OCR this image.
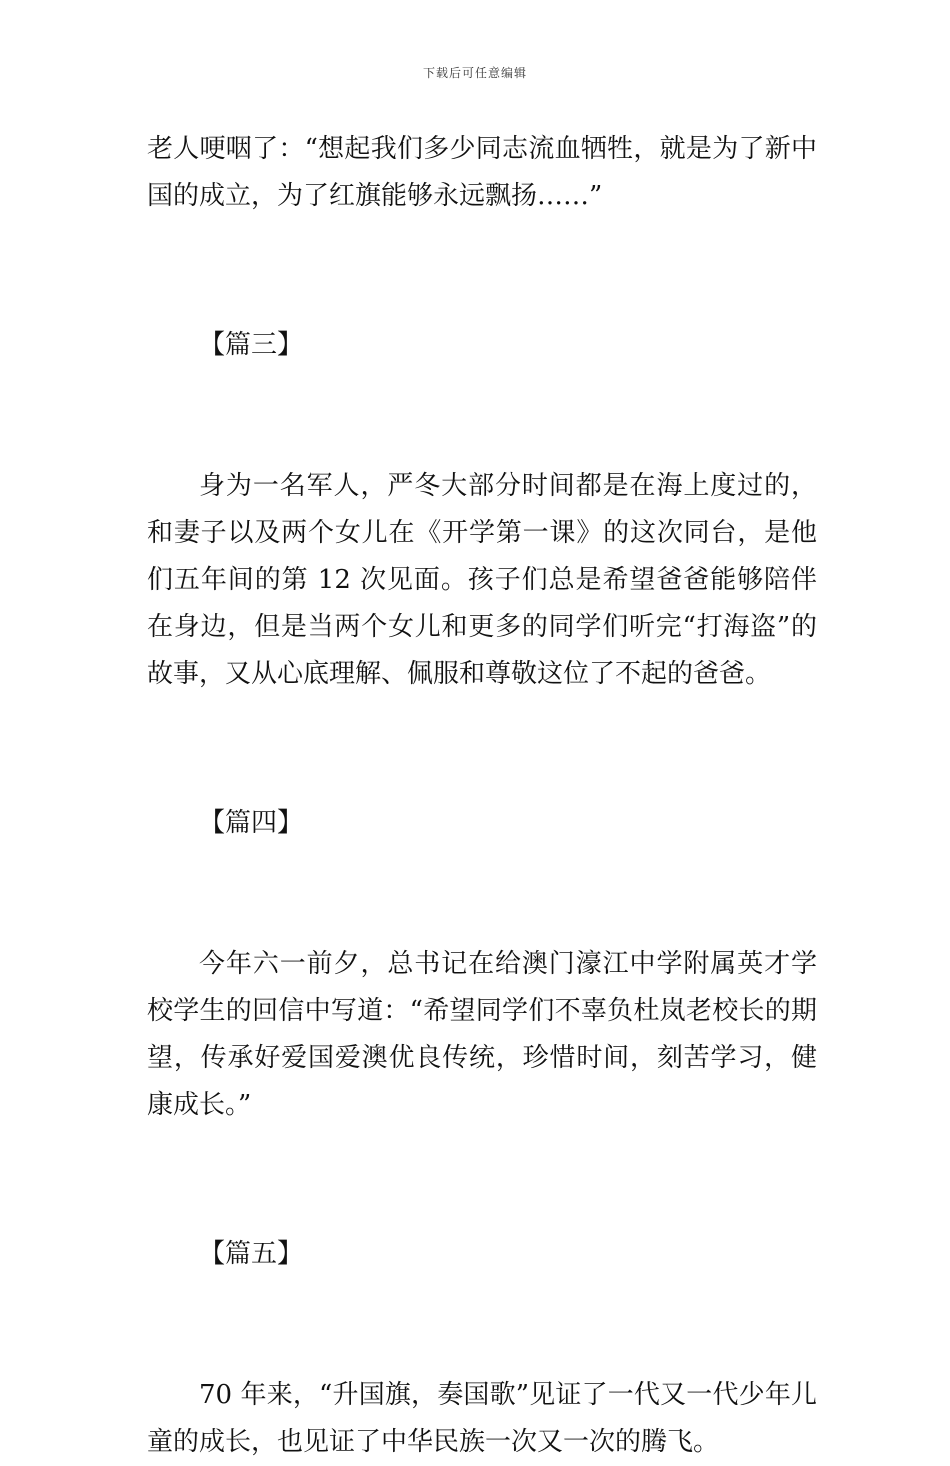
下载后可任意编辑

老人哽咽了：“想起我们多少同志流血牺牲，就是为了新中国的成立，为了红旗能够永远飘扬……”

【篇三】

身为一名军人，严冬大部分时间都是在海上度过的，和妻子以及两个女儿在《开学第一课》的这次同台，是他们五年间的第 12 次见面。孩子们总是希望爸爸能够陪伴在身边，但是当两个女儿和更多的同学们听完“打海盗”的故事，又从心底理解、佩服和尊敬这位了不起的爸爸。

【篇四】

今年六一前夕，总书记在给澳门濠江中学附属英才学校学生的回信中写道：“希望同学们不辜负杜岚老校长的期望，传承好爱国爱澳优良传统，珍惜时间，刻苦学习，健康成长。”

【篇五】

70 年来，“升国旗，奏国歌”见证了一代又一代少年儿童的成长，也见证了中华民族一次又一次的腾飞。
